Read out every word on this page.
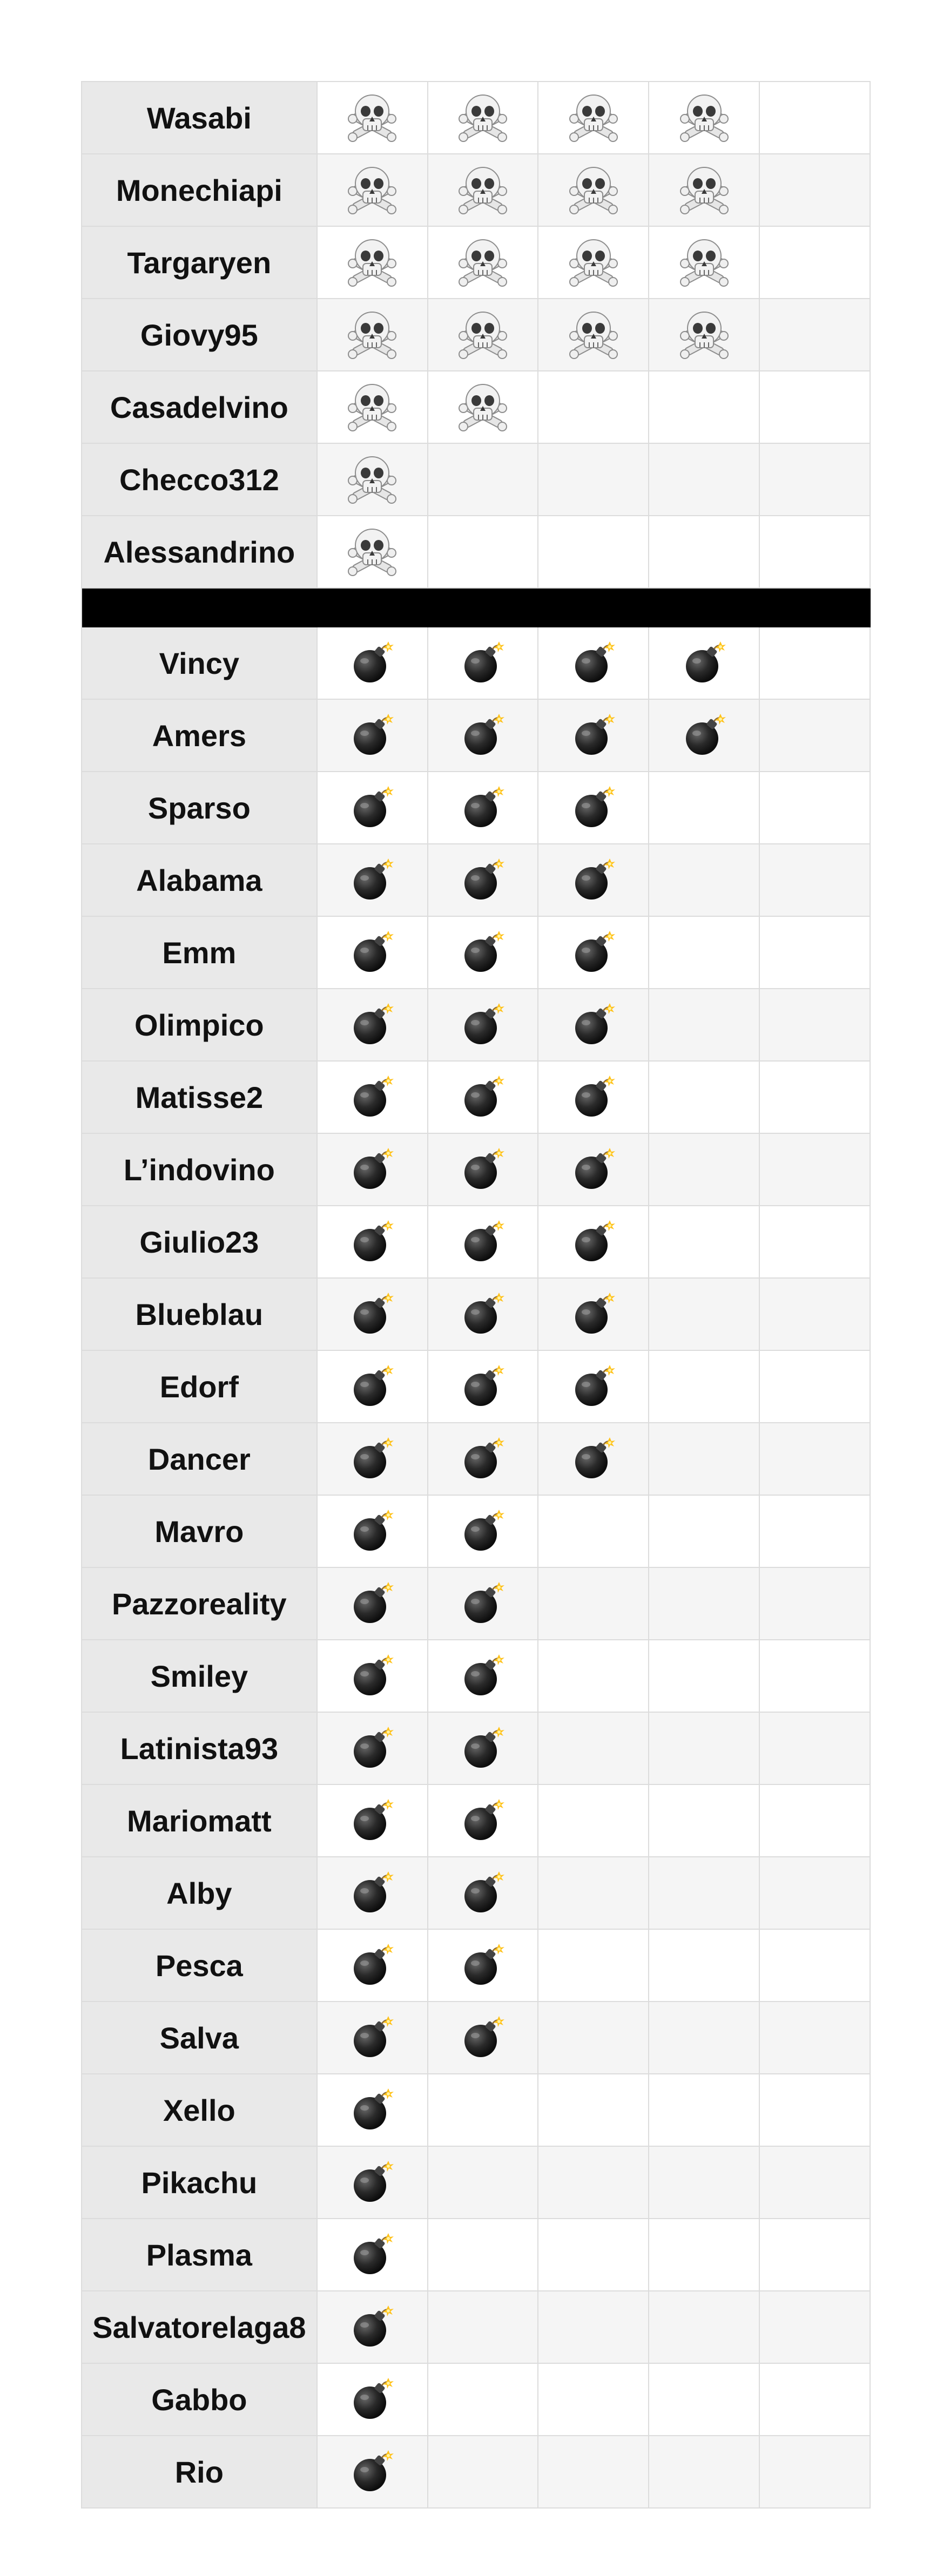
Wasabi
Monechiapi
Targaryen
Giovy95
Casadelvino
Checco312
Alessandrino
Vincy
Amers
Sparso
Alabama
Emm
Olimpico
Matisse2
L’indovino
Giulio23
Blueblau
Edorf
Dancer
Mavro
Pazzoreality
Smiley
Latinista93
Mariomatt
Alby
Pesca
Salva
Xello
Pikachu
Plasma
Salvatorelaga8
Gabbo
Rio
